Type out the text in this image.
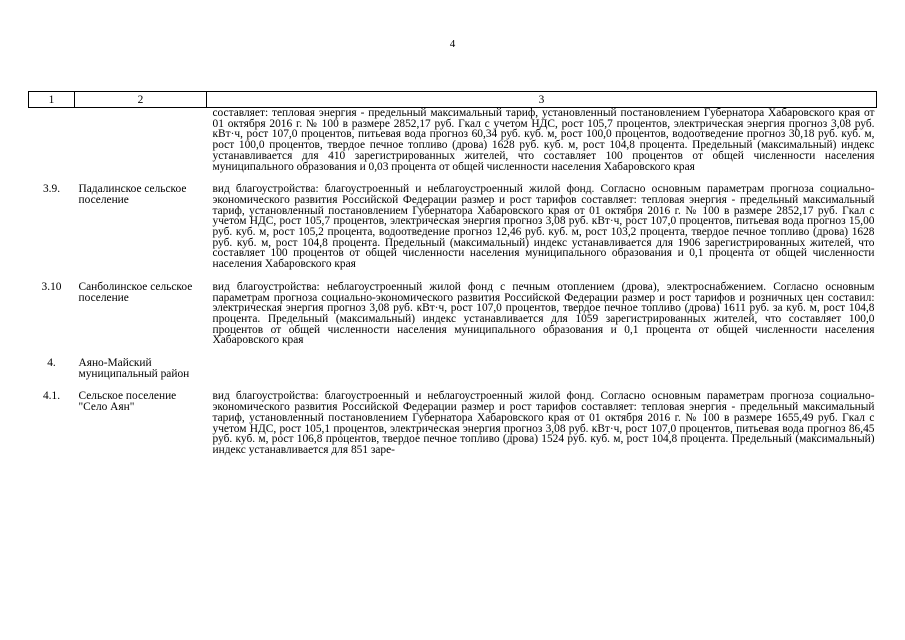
4
1	2	3
		составляет: тепловая энергия - предельный максимальный тариф, установленный постановлением Губернатора Хабаровского края от 01 октября 2016 г. № 100 в размере 2852,17 руб. Гкал с учетом НДС, рост 105,7 процентов, электрическая энергия прогноз 3,08 руб. кВт·ч, рост 107,0 процентов, питьевая вода прогноз 60,34 руб. куб. м, рост 100,0 процентов, водоотведение прогноз 30,18 руб. куб. м, рост 100,0 процентов, твердое печное топливо (дрова) 1628 руб. куб. м, рост 104,8 процента. Предельный (максимальный) индекс устанавливается для 410 зарегистрированных жителей, что составляет 100 процентов от общей численности населения муниципального образования и 0,03 процента от общей численности населения Хабаровского края
3.9.	Падалинское сельское поселение	вид благоустройства: благоустроенный и неблагоустроенный жилой фонд. Согласно основным параметрам прогноза социально-экономического развития Российской Федерации размер и рост тарифов составляет: тепловая энергия - предельный максимальный тариф, установленный постановлением Губернатора Хабаровского края от 01 октября 2016 г. № 100 в размере 2852,17 руб. Гкал с учетом НДС, рост 105,7 процентов, электрическая энергия прогноз 3,08 руб. кВт·ч, рост 107,0 процентов, питьевая вода прогноз 15,00 руб. куб. м, рост 105,2 процента, водоотведение прогноз 12,46 руб. куб. м, рост 103,2 процента, твердое печное топливо (дрова) 1628 руб. куб. м, рост 104,8 процента. Предельный (максимальный) индекс устанавливается для 1906 зарегистрированных жителей, что составляет 100 процентов от общей численности населения муниципального образования и 0,1 процента от общей численности населения Хабаровского края
3.10	Санболинское сельское поселение	вид благоустройства: неблагоустроенный жилой фонд с печным отоплением (дрова), электроснабжением. Согласно основным параметрам прогноза социально-экономического развития Российской Федерации размер и рост тарифов и розничных цен составил: электрическая энергия прогноз 3,08 руб. кВт·ч, рост 107,0 процентов, твердое печное топливо (дрова) 1611 руб. за куб. м, рост 104,8 процента. Предельный (максимальный) индекс устанавливается для 1059 зарегистрированных жителей, что составляет 100,0 процентов от общей численности населения муниципального образования и 0,1 процента от общей численности населения Хабаровского края
4.	Аяно-Майский муниципальный район	
4.1.	Сельское поселение "Село Аян"	вид благоустройства: благоустроенный и неблагоустроенный жилой фонд. Согласно основным параметрам прогноза социально-экономического развития Российской Федерации размер и рост тарифов составляет: тепловая энергия - предельный максимальный тариф, установленный постановлением Губернатора Хабаровского края от 01 октября 2016 г. № 100 в размере 1655,49 руб. Гкал с учетом НДС, рост 105,1 процентов, электрическая энергия прогноз 3,08 руб. кВт·ч, рост 107,0 процентов, питьевая вода прогноз 86,45 руб. куб. м, рост 106,8 процентов, твердое печное топливо (дрова) 1524 руб. куб. м, рост 104,8 процента. Предельный (максимальный) индекс устанавливается для 851 заре-
